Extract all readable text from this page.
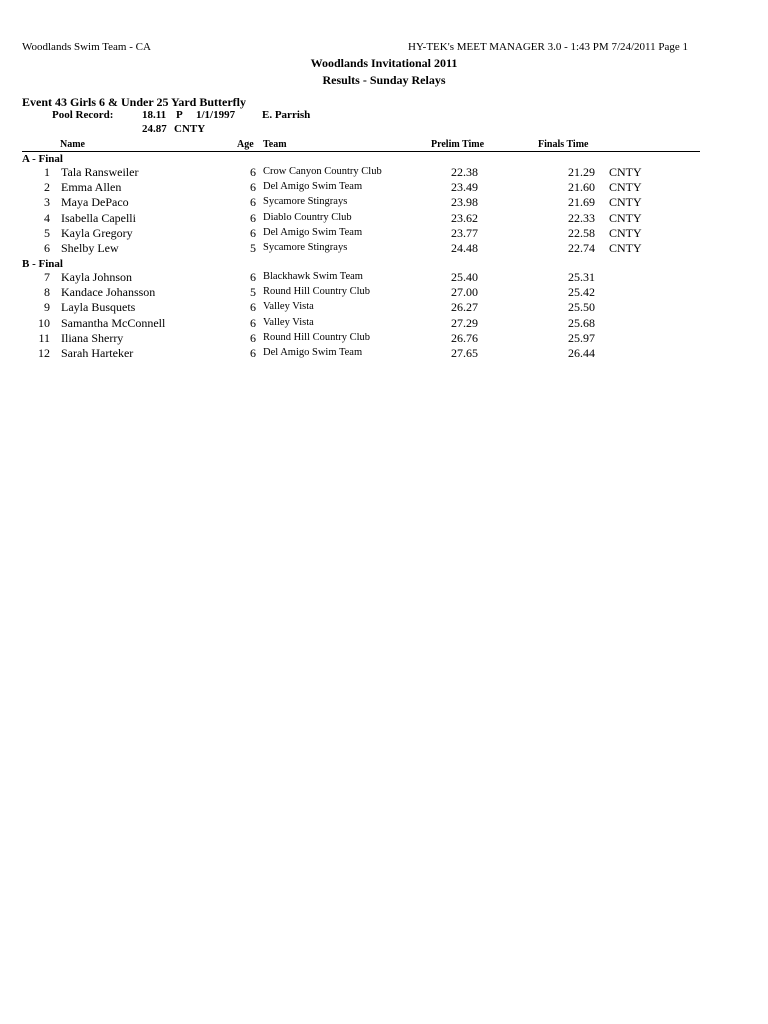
Woodlands Swim Team - CA	HY-TEK's MEET MANAGER 3.0 - 1:43 PM 7/24/2011 Page 1
Woodlands Invitational 2011
Results - Sunday Relays
Event 43 Girls 6 & Under 25 Yard Butterfly
Pool Record:	18.11 P 1/1/1997 E. Parrish
24.87 CNTY
Name	Age Team	Prelim Time	Finals Time
A - Final
B - Final
1 Tala Ransweiler	6 Crow Canyon Country Club	22.38	21.29 CNTY
2 Emma Allen	6 Del Amigo Swim Team	23.49	21.60 CNTY
3 Maya DePaco	6 Sycamore Stingrays	23.98	21.69 CNTY
4 Isabella Capelli	6 Diablo Country Club	23.62	22.33 CNTY
5 Kayla Gregory	6 Del Amigo Swim Team	23.77	22.58 CNTY
6 Shelby Lew	5 Sycamore Stingrays	24.48	22.74 CNTY
7 Kayla Johnson	6 Blackhawk Swim Team	25.40	25.31
8 Kandace Johansson	5 Round Hill Country Club	27.00	25.42
9 Layla Busquets	6 Valley Vista	26.27	25.50
10 Samantha McConnell	6 Valley Vista	27.29	25.68
11 Iliana Sherry	6 Round Hill Country Club	26.76	25.97
12 Sarah Harteker	6 Del Amigo Swim Team	27.65	26.44
